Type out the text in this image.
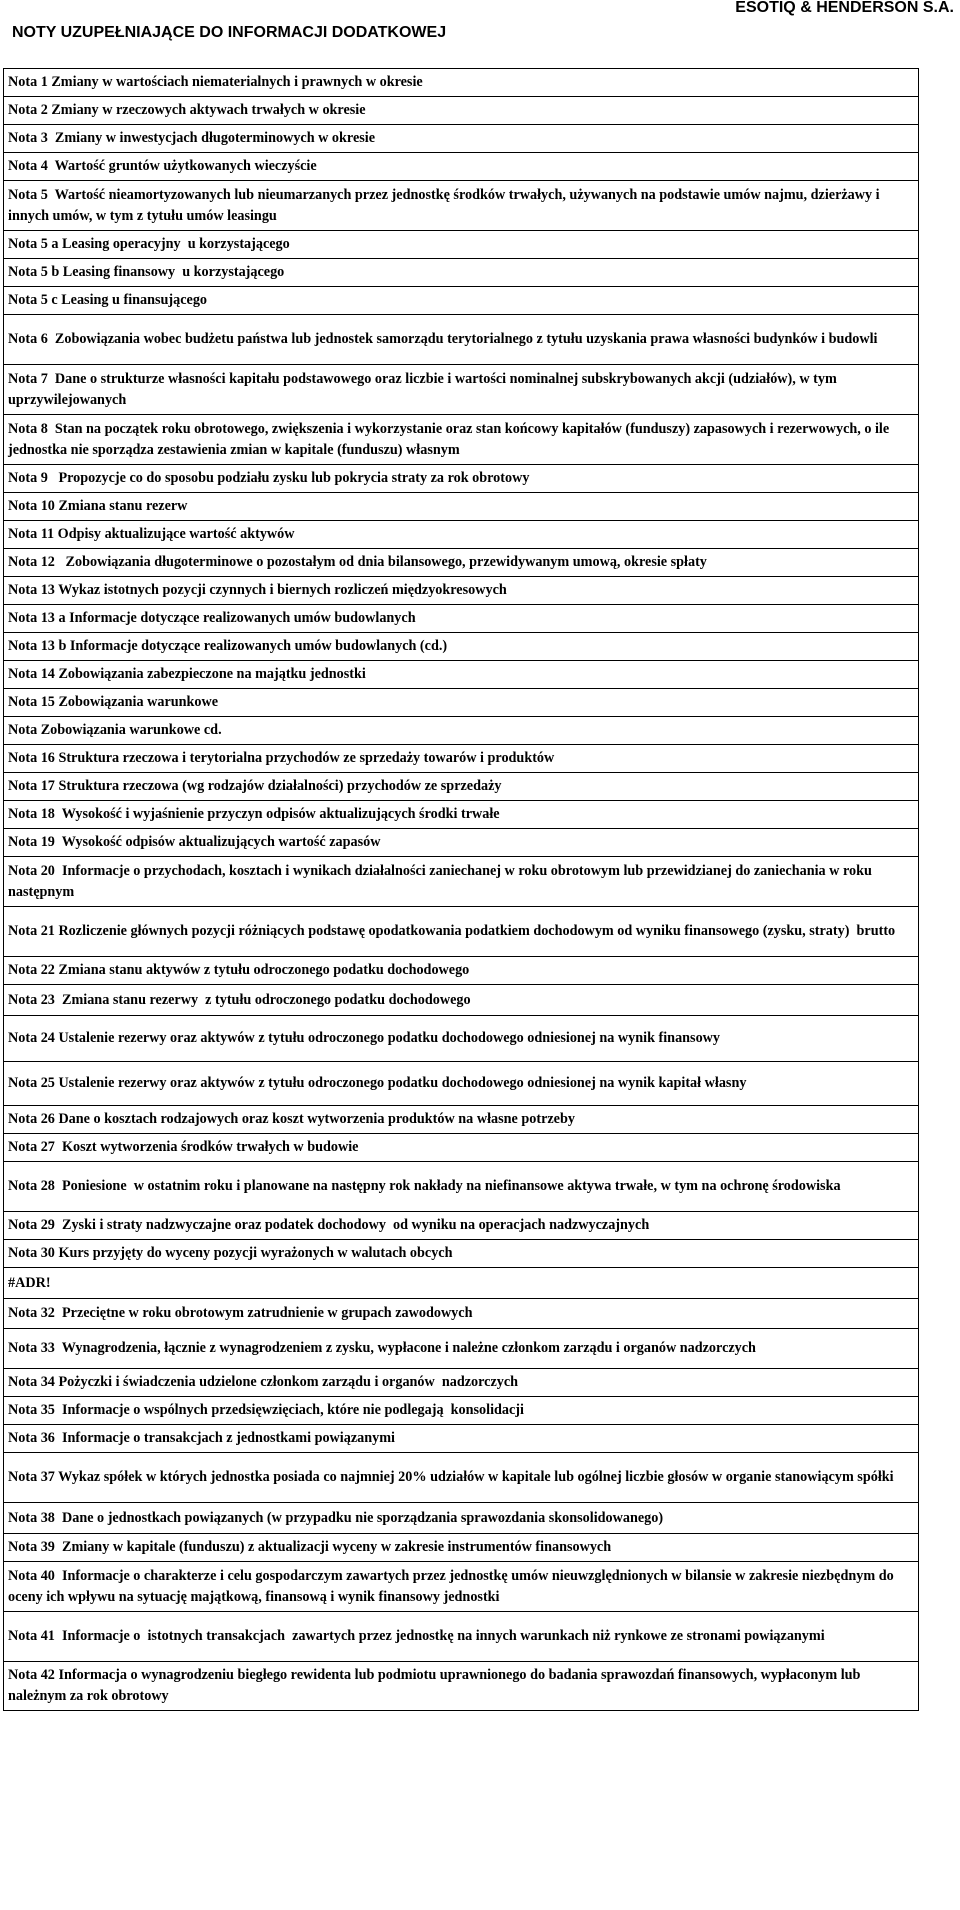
NOTY UZUPEŁNIAJĄCE DO INFORMACJI DODATKOWEJ
ESOTIQ & HENDERSON S.A.
Nota 1 Zmiany w wartościach niematerialnych i prawnych w okresie
Nota 2 Zmiany w rzeczowych aktywach trwałych w okresie
Nota 3  Zmiany w inwestycjach długoterminowych w okresie
Nota 4  Wartość gruntów użytkowanych wieczyście
Nota 5  Wartość nieamortyzowanych lub nieumarzanych przez jednostkę środków trwałych, używanych na podstawie umów najmu, dzierżawy i innych umów, w tym z tytułu umów leasingu
Nota 5 a Leasing operacyjny  u korzystającego
Nota 5 b Leasing finansowy  u korzystającego
Nota 5 c Leasing u finansującego
Nota 6  Zobowiązania wobec budżetu państwa lub jednostek samorządu terytorialnego z tytułu uzyskania prawa własności budynków i budowli
Nota 7  Dane o strukturze własności kapitału podstawowego oraz liczbie i wartości nominalnej subskrybowanych akcji (udziałów), w tym uprzywilejowanych
Nota 8  Stan na początek roku obrotowego, zwiększenia i wykorzystanie oraz stan końcowy kapitałów (funduszy) zapasowych i rezerwowych, o ile jednostka nie sporządza zestawienia zmian w kapitale (funduszu) własnym
Nota 9   Propozycje co do sposobu podziału zysku lub pokrycia straty za rok obrotowy
Nota 10 Zmiana stanu rezerw
Nota 11 Odpisy aktualizujące wartość aktywów
Nota 12   Zobowiązania długoterminowe o pozostałym od dnia bilansowego, przewidywanym umową, okresie spłaty
Nota 13 Wykaz istotnych pozycji czynnych i biernych rozliczeń międzyokresowych
Nota 13 a Informacje dotyczące realizowanych umów budowlanych
Nota 13 b Informacje dotyczące realizowanych umów budowlanych (cd.)
Nota 14 Zobowiązania zabezpieczone na majątku jednostki
Nota 15 Zobowiązania warunkowe
Nota Zobowiązania warunkowe cd.
Nota 16 Struktura rzeczowa i terytorialna przychodów ze sprzedaży towarów i produktów
Nota 17 Struktura rzeczowa (wg rodzajów działalności) przychodów ze sprzedaży
Nota 18  Wysokość i wyjaśnienie przyczyn odpisów aktualizujących środki trwałe
Nota 19  Wysokość odpisów aktualizujących wartość zapasów
Nota 20  Informacje o przychodach, kosztach i wynikach działalności zaniechanej w roku obrotowym lub przewidzianej do zaniechania w roku następnym
Nota 21 Rozliczenie głównych pozycji różniących podstawę opodatkowania podatkiem dochodowym od wyniku finansowego (zysku, straty)  brutto
Nota 22 Zmiana stanu aktywów z tytułu odroczonego podatku dochodowego
Nota 23  Zmiana stanu rezerwy  z tytułu odroczonego podatku dochodowego
Nota 24 Ustalenie rezerwy oraz aktywów z tytułu odroczonego podatku dochodowego odniesionej na wynik finansowy
Nota 25 Ustalenie rezerwy oraz aktywów z tytułu odroczonego podatku dochodowego odniesionej na wynik kapitał własny
Nota 26 Dane o kosztach rodzajowych oraz koszt wytworzenia produktów na własne potrzeby
Nota 27  Koszt wytworzenia środków trwałych w budowie
Nota 28  Poniesione  w ostatnim roku i planowane na następny rok nakłady na niefinansowe aktywa trwałe, w tym na ochronę środowiska
Nota 29  Zyski i straty nadzwyczajne oraz podatek dochodowy  od wyniku na operacjach nadzwyczajnych
Nota 30 Kurs przyjęty do wyceny pozycji wyrażonych w walutach obcych
#ADR!
Nota 32  Przeciętne w roku obrotowym zatrudnienie w grupach zawodowych
Nota 33  Wynagrodzenia, łącznie z wynagrodzeniem z zysku, wypłacone i należne członkom zarządu i organów nadzorczych
Nota 34 Pożyczki i świadczenia udzielone członkom zarządu i organów  nadzorczych
Nota 35  Informacje o wspólnych przedsięwzięciach, które nie podlegają  konsolidacji
Nota 36  Informacje o transakcjach z jednostkami powiązanymi
Nota 37 Wykaz spółek w których jednostka posiada co najmniej 20% udziałów w kapitale lub ogólnej liczbie głosów w organie stanowiącym spółki
Nota 38  Dane o jednostkach powiązanych (w przypadku nie sporządzania sprawozdania skonsolidowanego)
Nota 39  Zmiany w kapitale (funduszu) z aktualizacji wyceny w zakresie instrumentów finansowych
Nota 40  Informacje o charakterze i celu gospodarczym zawartych przez jednostkę umów nieuwzględnionych w bilansie w zakresie niezbędnym do oceny ich wpływu na sytuację majątkową, finansową i wynik finansowy jednostki
Nota 41  Informacje o  istotnych transakcjach  zawartych przez jednostkę na innych warunkach niż rynkowe ze stronami powiązanymi
Nota 42 Informacja o wynagrodzeniu biegłego rewidenta lub podmiotu uprawnionego do badania sprawozdań finansowych, wypłaconym lub należnym za rok obrotowy
